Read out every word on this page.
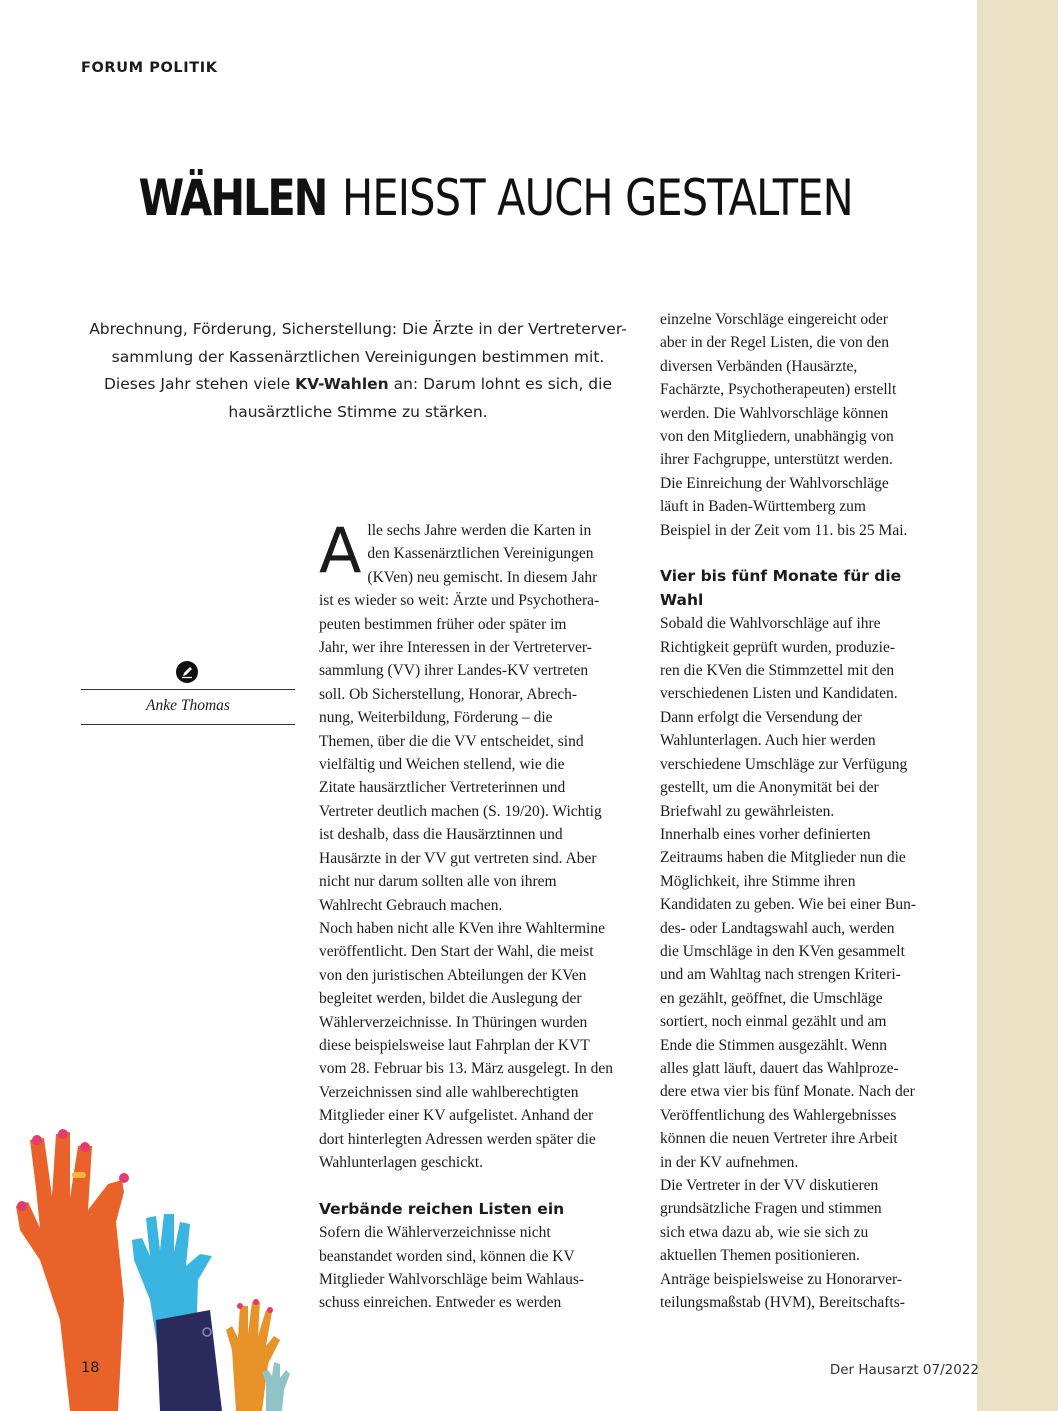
FORUM POLITIK
WÄHLEN HEISST AUCH GESTALTEN

Abrechnung, Förderung, Sicherstellung: Die Ärzte in der Vertreterver-

sammlung der Kassenärztlichen Vereinigungen bestimmen mit.

Dieses Jahr stehen viele KV-Wahlen an: Darum lohnt es sich, die

hausärztliche Stimme zu stärken.

Anke Thomas
A lle sechs Jahre werden die Karten in

den Kassenärztlichen Vereinigungen

(KVen) neu gemischt. In diesem Jahr

ist es wieder so weit: Ärzte und Psychothera-

peuten bestimmen früher oder später im

Jahr, wer ihre Interessen in der Vertreterver-

sammlung (VV) ihrer Landes-KV vertreten

soll. Ob Sicherstellung, Honorar, Abrech-

nung, Weiterbildung, Förderung – die

Themen, über die die VV entscheidet, sind

vielfältig und Weichen stellend, wie die

Zitate hausärztlicher Vertreterinnen und

Vertreter deutlich machen (S. 19/20). Wichtig

ist deshalb, dass die Hausärztinnen und

Hausärzte in der VV gut vertreten sind. Aber

nicht nur darum sollten alle von ihrem

Wahlrecht Gebrauch machen.

Noch haben nicht alle KVen ihre Wahltermine

veröffentlicht. Den Start der Wahl, die meist

von den juristischen Abteilungen der KVen

begleitet werden, bildet die Auslegung der

Wählerverzeichnisse. In Thüringen wurden

diese beispielsweise laut Fahrplan der KVT

vom 28. Februar bis 13. März ausgelegt. In den

Verzeichnissen sind alle wahlberechtigten

Mitglieder einer KV aufgelistet. Anhand der

dort hinterlegten Adressen werden später die

Wahlunterlagen geschickt.

Verbände reichen Listen ein

Sofern die Wählerverzeichnisse nicht

beanstandet worden sind, können die KV

Mitglieder Wahlvorschläge beim Wahlaus-

schuss einreichen. Entweder es werden

einzelne Vorschläge eingereicht oder

aber in der Regel Listen, die von den

diversen Verbänden (Hausärzte,

Fachärzte, Psychotherapeuten) erstellt

werden. Die Wahlvorschläge können

von den Mitgliedern, unabhängig von

ihrer Fachgruppe, unterstützt werden.

Die Einreichung der Wahlvorschläge

läuft in Baden-Württemberg zum

Beispiel in der Zeit vom 11. bis 25 Mai.

Vier bis fünf Monate für die

Wahl

Sobald die Wahlvorschläge auf ihre

Richtigkeit geprüft wurden, produzie-

ren die KVen die Stimmzettel mit den

verschiedenen Listen und Kandidaten.

Dann erfolgt die Versendung der

Wahlunterlagen. Auch hier werden

verschiedene Umschläge zur Verfügung

gestellt, um die Anonymität bei der

Briefwahl zu gewährleisten.

Innerhalb eines vorher definierten

Zeitraums haben die Mitglieder nun die

Möglichkeit, ihre Stimme ihren

Kandidaten zu geben. Wie bei einer Bun-

des- oder Landtagswahl auch, werden

die Umschläge in den KVen gesammelt

und am Wahltag nach strengen Kriteri-

en gezählt, geöffnet, die Umschläge

sortiert, noch einmal gezählt und am

Ende die Stimmen ausgezählt. Wenn

alles glatt läuft, dauert das Wahlproze-

dere etwa vier bis fünf Monate. Nach der

Veröffentlichung des Wahlergebnisses

können die neuen Vertreter ihre Arbeit

in der KV aufnehmen.

Die Vertreter in der VV diskutieren

grundsätzliche Fragen und stimmen

sich etwa dazu ab, wie sie sich zu

aktuellen Themen positionieren.

Anträge beispielsweise zu Honorarver-

teilungsmaßstab (HVM), Bereitschafts-

18	Der Hausarzt 07/2022
